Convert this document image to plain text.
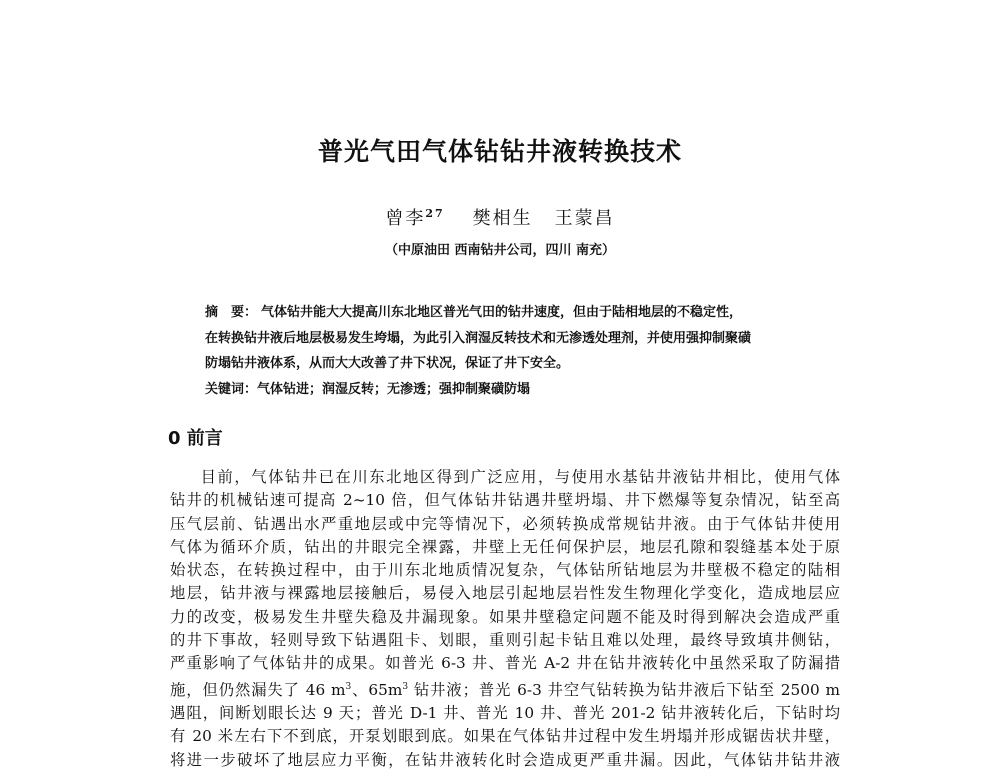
普光气田气体钻钻井液转换技术
曾李$^{27}$ 樊相生 王蒙昌
（中原油田 西南钻井公司，四川 南充）
摘　要： 气体钻井能大大提高川东北地区普光气田的钻井速度，但由于陆相地层的不稳定性，
在转换钻井液后地层极易发生垮塌，为此引入润湿反转技术和无渗透处理剂，并使用强抑制聚磺
防塌钻井液体系，从而大大改善了井下状况，保证了井下安全。
关键词：气体钻进；润湿反转；无渗透；强抑制聚磺防塌
0 前言
目前，气体钻井已在川东北地区得到广泛应用，与使用水基钻井液钻井相比，使用气体
钻井的机械钻速可提高 2~10 倍，但气体钻井钻遇井壁坍塌、井下燃爆等复杂情况，钻至高
压气层前、钻遇出水严重地层或中完等情况下，必须转换成常规钻井液。由于气体钻井使用
气体为循环介质，钻出的井眼完全裸露，井壁上无任何保护层，地层孔隙和裂缝基本处于原
始状态，在转换过程中，由于川东北地质情况复杂，气体钻所钻地层为井壁极不稳定的陆相
地层，钻井液与裸露地层接触后，易侵入地层引起地层岩性发生物理化学变化，造成地层应
力的改变，极易发生井壁失稳及井漏现象。如果井壁稳定问题不能及时得到解决会造成严重
的井下事故，轻则导致下钻遇阻卡、划眼，重则引起卡钻且难以处理，最终导致填井侧钻，
严重影响了气体钻井的成果。如普光 6-3 井、普光 A-2 井在钻井液转化中虽然采取了防漏措
施，但仍然漏失了 46 $m^3$、$65m^3$ 钻井液；普光 6-3 井空气钻转换为钻井液后下钻至 2500 m
遇阻，间断划眼长达 9 天；普光 D-1 井、普光 10 井、普光 201-2 钻井液转化后，下钻时均
有 20 米左右下不到底，开泵划眼到底。如果在气体钻井过程中发生坍塌并形成锯齿状井壁，
将进一步破坏了地层应力平衡，在钻井液转化时会造成更严重井漏。因此，气体钻井钻井液
